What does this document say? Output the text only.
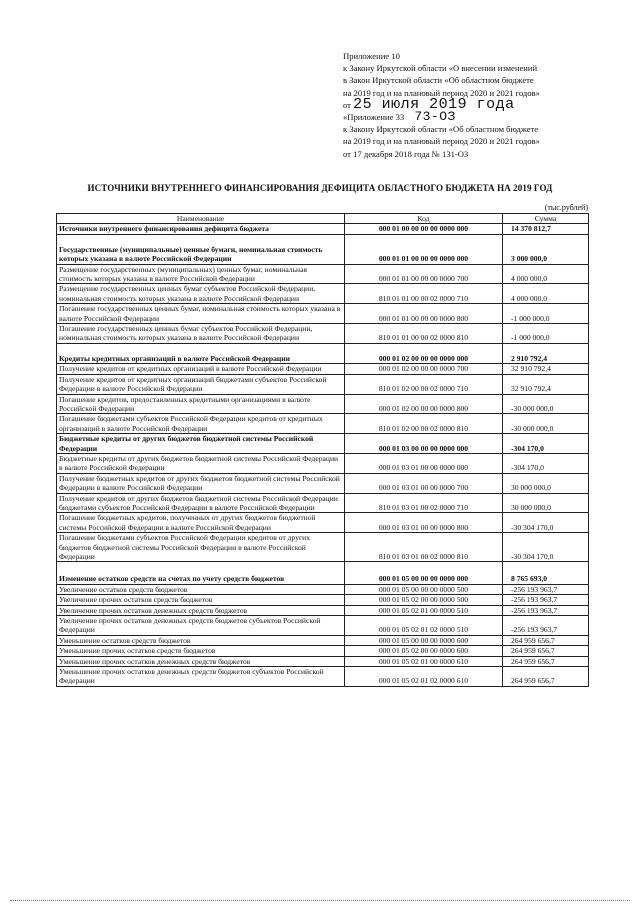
Приложение 10
к Закону Иркутской области «О внесении изменений
в Закон Иркутской области «Об областном бюджете
на 2019 год и на плановый период 2020 и 2021 годов»
от 25 июля 2019 года
«Приложение 33 73-ОЗ
к Закону Иркутской области «Об областном бюджете
на 2019 год и на плановый период 2020 и 2021 годов»
от 17 декабря 2018 года № 131-ОЗ
ИСТОЧНИКИ ВНУТРЕННЕГО ФИНАНСИРОВАНИЯ ДЕФИЦИТА ОБЛАСТНОГО БЮДЖЕТА НА 2019 ГОД
(тыс.рублей)
Наименование	Код	Сумма
Источники внутреннего финансирования дефицита бюджета	000 01 00 00 00 00 0000 000	14 370 812,7
Государственные (муниципальные) ценные бумаги, номинальная стоимость которых указана в валюте Российской Федерации	000 01 01 00 00 00 0000 000	3 000 000,0
Размещение государственных (муниципальных) ценных бумаг, номинальная стоимость которых указана в валюте Российской Федерации	000 01 01 00 00 00 0000 700	4 000 000,0
Размещение государственных ценных бумаг субъектов Российской Федерации, номинальная стоимость которых указана в валюте Российской Федерации	810 01 01 00 00 02 0000 710	4 000 000,0
Погашение государственных ценных бумаг, номинальная стоимость которых указана в валюте Российской Федерации	000 01 01 00 00 00 0000 800	-1 000 000,0
Погашение государственных ценных бумаг субъектов Российской Федерации, номинальная стоимость которых указана в валюте Российской Федерации	810 01 01 00 00 02 0000 810	-1 000 000,0
Кредиты кредитных организаций в валюте Российской Федерации	000 01 02 00 00 00 0000 000	2 910 792,4
Получение кредитов от кредитных организаций в валюте Российской Федерации	000 01 02 00 00 00 0000 700	32 910 792,4
Получение кредитов от кредитных организаций бюджетами субъектов Российской Федерации в валюте Российской Федерации	810 01 02 00 00 02 0000 710	32 910 792,4
Погашение кредитов, предоставленных кредитными организациями в валюте Российской Федерации	000 01 02 00 00 00 0000 800	-30 000 000,0
Погашение бюджетами субъектов Российской Федерации кредитов от кредитных организаций в валюте Российской Федерации	810 01 02 00 00 02 0000 810	-30 000 000,0
Бюджетные кредиты от других бюджетов бюджетной системы Российской Федерации	000 01 03 00 00 00 0000 000	-304 170,0
Бюджетные кредиты от других бюджетов бюджетной системы Российской Федерации в валюте Российской Федерации	000 01 03 01 00 00 0000 000	-304 170,0
Получение бюджетных кредитов от других бюджетов бюджетной системы Российской Федерации в валюте Российской Федерации	000 01 03 01 00 00 0000 700	30 000 000,0
Получение кредитов от других бюджетов бюджетной системы Российской Федерации бюджетами субъектов Российской Федерации в валюте Российской Федерации	810 01 03 01 00 02 0000 710	30 000 000,0
Погашение бюджетных кредитов, полученных от других бюджетов бюджетной системы Российской Федерации в валюте Российской Федерации	000 01 03 01 00 00 0000 800	-30 304 170,0
Погашение бюджетами субъектов Российской Федерации кредитов от других бюджетов бюджетной системы Российской Федерации в валюте Российской Федерации	810 01 03 01 00 02 0000 810	-30 304 170,0
Изменение остатков средств на счетах по учету средств бюджетов	000 01 05 00 00 00 0000 000	8 765 693,0
Увеличение остатков средств бюджетов	000 01 05 00 00 00 0000 500	-256 193 963,7
Увеличение прочих остатков средств бюджетов	000 01 05 02 00 00 0000 500	-256 193 963,7
Увеличение прочих остатков денежных средств бюджетов	000 01 05 02 01 00 0000 510	-256 193 963,7
Увеличение прочих остатков денежных средств бюджетов субъектов Российской Федерации	000 01 05 02 01 02 0000 510	-256 193 963,7
Уменьшение остатков средств бюджетов	000 01 05 00 00 00 0000 600	264 959 656,7
Уменьшение прочих остатков средств бюджетов	000 01 05 02 00 00 0000 600	264 959 656,7
Уменьшение прочих остатков денежных средств бюджетов	000 01 05 02 01 00 0000 610	264 959 656,7
Уменьшение прочих остатков денежных средств бюджетов субъектов Российской Федерации	000 01 05 02 01 02 0000 610	264 959 656,7
